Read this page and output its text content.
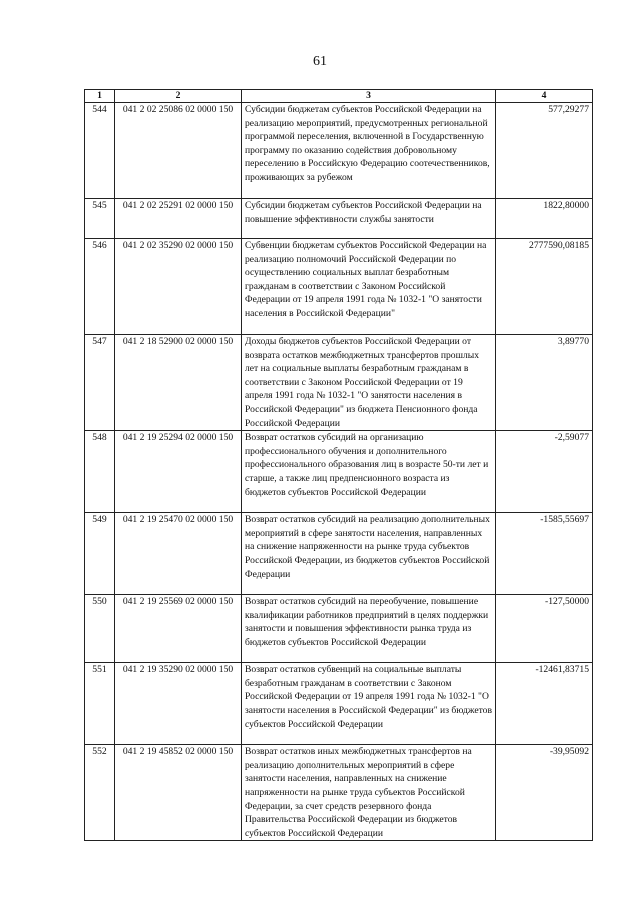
61
1	2	3	4
544	041 2 02 25086 02 0000 150	Субсидии бюджетам субъектов Российской Федерации на реализацию мероприятий, предусмотренных региональной программой переселения, включенной в Государственную программу по оказанию содействия добровольному переселению в Российскую Федерацию соотечественников, проживающих за рубежом	577,29277
545	041 2 02 25291 02 0000 150	Субсидии бюджетам субъектов Российской Федерации на повышение эффективности службы занятости	1822,80000
546	041 2 02 35290 02 0000 150	Субвенции бюджетам субъектов Российской Федерации на реализацию полномочий Российской Федерации по осуществлению социальных выплат безработным гражданам в соответствии с Законом Российской Федерации от 19 апреля 1991 года № 1032-1 "О занятости населения в Российской Федерации"	2777590,08185
547	041 2 18 52900 02 0000 150	Доходы бюджетов субъектов Российской Федерации от возврата остатков межбюджетных трансфертов прошлых лет на социальные выплаты безработным гражданам в соответствии с Законом Российской Федерации от 19 апреля 1991 года № 1032-1 "О занятости населения в Российской Федерации" из бюджета Пенсионного фонда Российской Федерации	3,89770
548	041 2 19 25294 02 0000 150	Возврат остатков субсидий на организацию профессионального обучения и дополнительного профессионального образования лиц в возрасте 50-ти лет и старше, а также лиц предпенсионного возраста из бюджетов субъектов Российской Федерации	-2,59077
549	041 2 19 25470 02 0000 150	Возврат остатков субсидий на реализацию дополнительных мероприятий в сфере занятости населения, направленных на снижение напряженности на рынке труда субъектов Российской Федерации, из бюджетов субъектов Российской Федерации	-1585,55697
550	041 2 19 25569 02 0000 150	Возврат остатков субсидий на переобучение, повышение квалификации работников предприятий в целях поддержки занятости и повышения эффективности рынка труда из бюджетов субъектов Российской Федерации	-127,50000
551	041 2 19 35290 02 0000 150	Возврат остатков субвенций на социальные выплаты безработным гражданам в соответствии с Законом Российской Федерации от 19 апреля 1991 года № 1032-1 "О занятости населения в Российской Федерации" из бюджетов субъектов Российской Федерации	-12461,83715
552	041 2 19 45852 02 0000 150	Возврат остатков иных межбюджетных трансфертов на реализацию дополнительных мероприятий в сфере занятости населения, направленных на снижение напряженности на рынке труда субъектов Российской Федерации, за счет средств резервного фонда Правительства Российской Федерации из бюджетов субъектов Российской Федерации	-39,95092
